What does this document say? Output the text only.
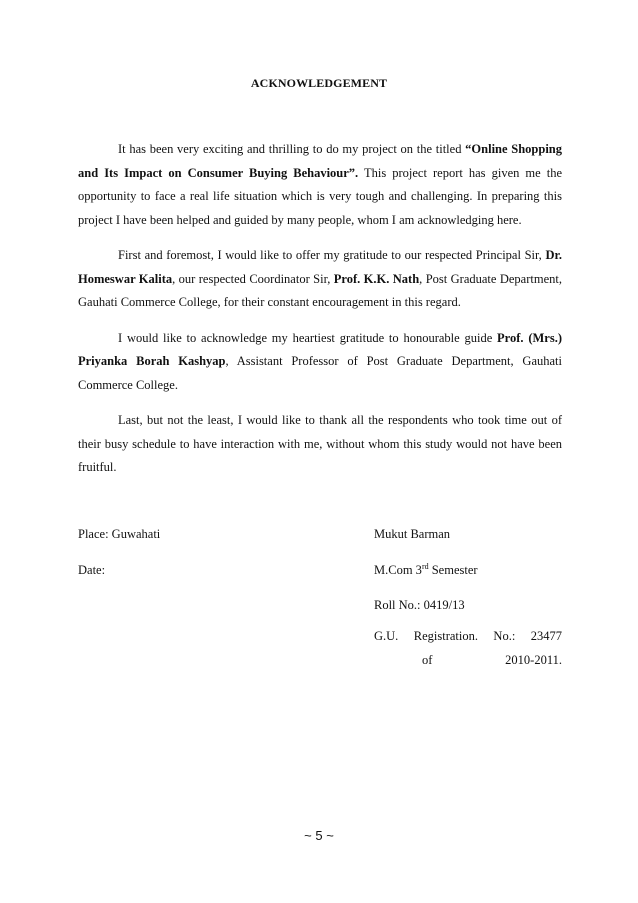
ACKNOWLEDGEMENT

It has been very exciting and thrilling to do my project on the titled “Online Shopping and Its Impact on Consumer Buying Behaviour”. This project report has given me the opportunity to face a real life situation which is very tough and challenging. In preparing this project I have been helped and guided by many people, whom I am acknowledging here.

First and foremost, I would like to offer my gratitude to our respected Principal Sir, Dr. Homeswar Kalita, our respected Coordinator Sir, Prof. K.K. Nath, Post Graduate Department, Gauhati Commerce College, for their constant encouragement in this regard.

I would like to acknowledge my heartiest gratitude to honourable guide Prof. (Mrs.) Priyanka Borah Kashyap, Assistant Professor of Post Graduate Department, Gauhati Commerce College.

Last, but not the least, I would like to thank all the respondents who took time out of their busy schedule to have interaction with me, without whom this study would not have been fruitful.

Place: Guwahati
Date:
Mukut Barman
M.Com 3rd Semester
Roll No.: 0419/13
G.U. Registration. No.: 23477
of	2010-2011.
~ 5 ~
